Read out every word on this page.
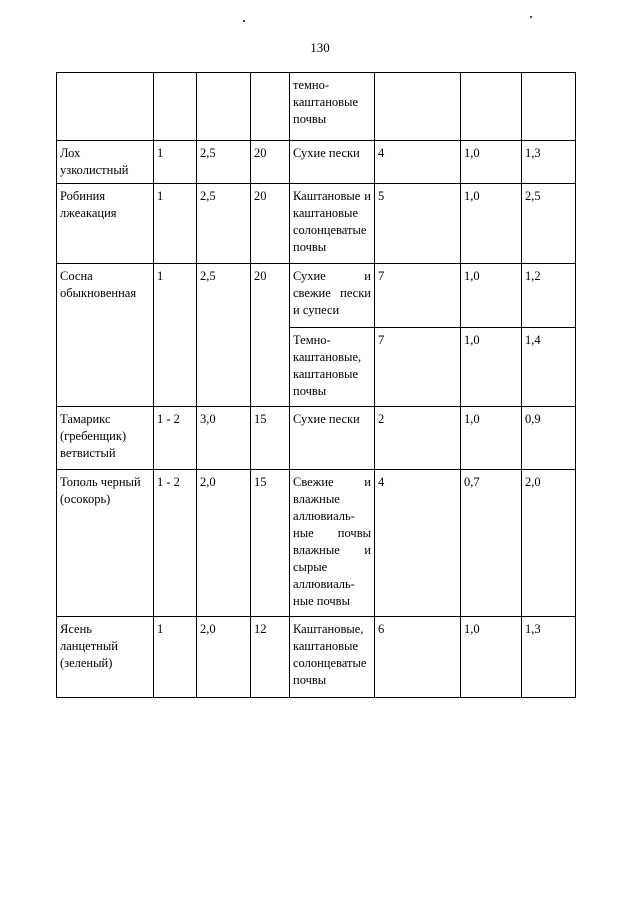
130

				темно-
каштановые почвы			

Лох узколистный	1	2,5	20	Сухие пески	4	1,0	1,3
Робиния лжеакация	1	2,5	20	Каштановые и каштановые солонцеватые почвы	5	1,0	2,5
Сосна обыкновенная	1	2,5	20	Сухие и свежие пески и супеси	7	1,0	1,2
				Темно-каштановые, каштановые почвы	7	1,0	1,4
Тамарикс (гребенщик) ветвистый	1 - 2	3,0	15	Сухие пески	2	1,0	0,9
Тополь черный (осокорь)	1 - 2	2,0	15	Свежие и влажные аллювиаль-ные почвы влажные и сырые аллювиаль-ные почвы	4	0,7	2,0
Ясень ланцетный (зеленый)	1	2,0	12	Каштановые, каштановые солонцеватые почвы	6	1,0	1,3
